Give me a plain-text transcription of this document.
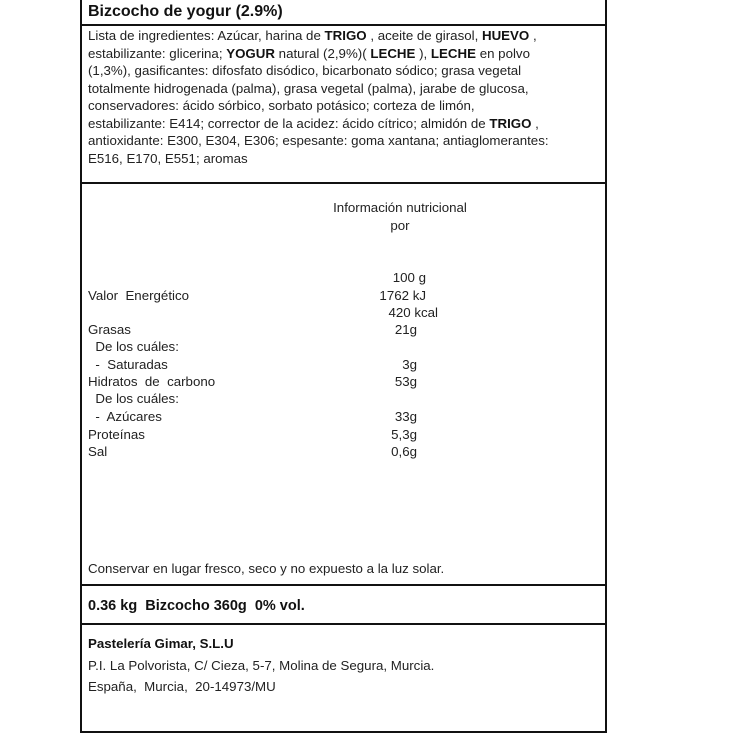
Bizcocho de yogur (2.9%)
Lista de ingredientes: Azúcar, harina de TRIGO , aceite de girasol, HUEVO ,
estabilizante: glicerina; YOGUR natural (2,9%)( LECHE ), LECHE en polvo
(1,3%), gasificantes: difosfato disódico, bicarbonato sódico; grasa vegetal
totalmente hidrogenada (palma), grasa vegetal (palma), jarabe de glucosa,
conservadores: ácido sórbico, sorbato potásico; corteza de limón,
estabilizante: E414; corrector de la acidez: ácido cítrico; almidón de TRIGO ,
antioxidante: E300, E304, E306; espesante: goma xantana; antiaglomerantes:
E516, E170, E551; aromas
Información nutricional
por
100 g
Valor  Energético	1762 kJ
420 kcal
Grasas	21g
De los cuáles:
-  Saturadas	3g
Hidratos  de  carbono	53g
De los cuáles:
-  Azúcares	33g
Proteínas	5,3g
Sal	0,6g
Conservar en lugar fresco, seco y no expuesto a la luz solar.
0.36 kg  Bizcocho 360g  0% vol.
Pastelería Gimar, S.L.U
P.I. La Polvorista, C/ Cieza, 5-7, Molina de Segura, Murcia.
España,  Murcia,  20-14973/MU
